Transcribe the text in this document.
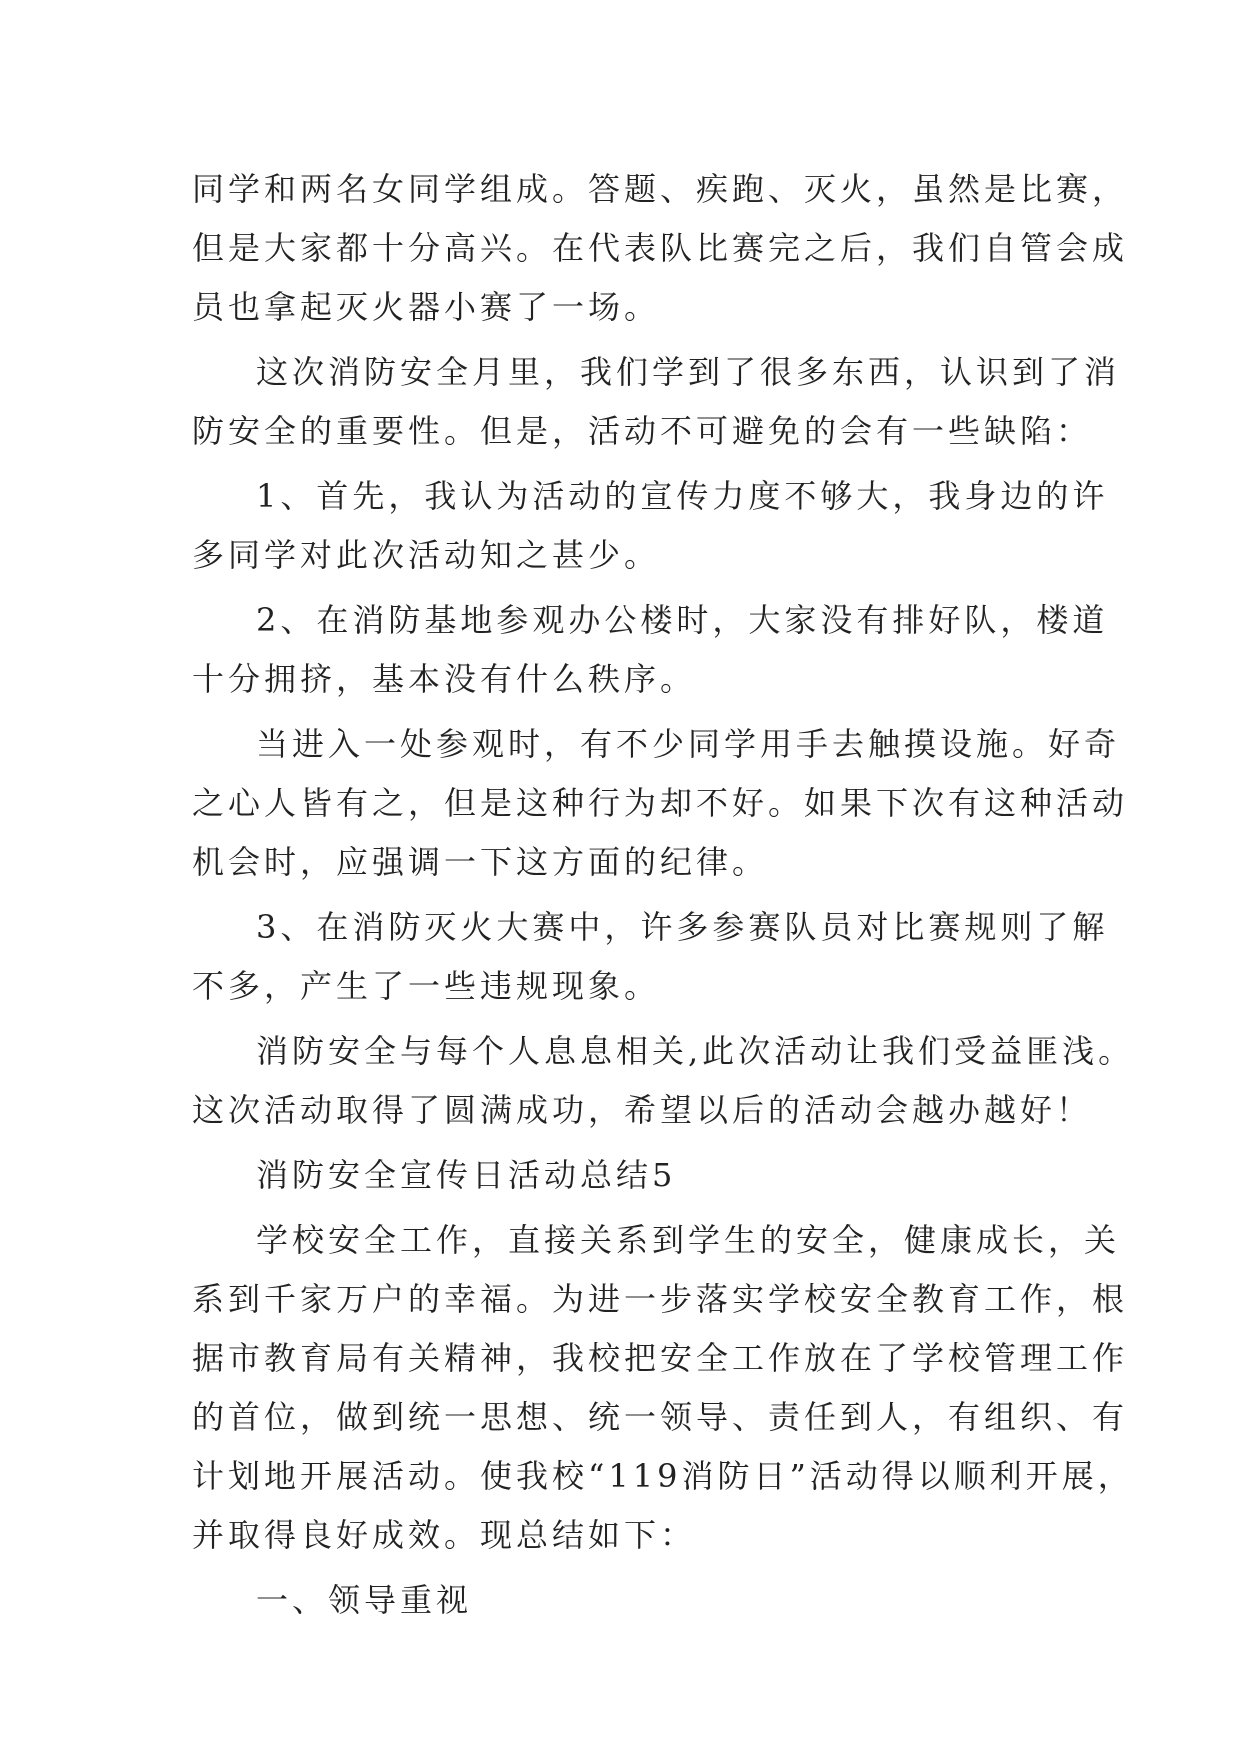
同学和两名女同学组成。答题、疾跑、灭火，虽然是比赛，
但是大家都十分高兴。在代表队比赛完之后，我们自管会成
员也拿起灭火器小赛了一场。
这次消防安全月里，我们学到了很多东西，认识到了消
防安全的重要性。但是，活动不可避免的会有一些缺陷：
1、首先，我认为活动的宣传力度不够大，我身边的许
多同学对此次活动知之甚少。
2、在消防基地参观办公楼时，大家没有排好队，楼道
十分拥挤，基本没有什么秩序。
当进入一处参观时，有不少同学用手去触摸设施。好奇
之心人皆有之，但是这种行为却不好。如果下次有这种活动
机会时，应强调一下这方面的纪律。
3、在消防灭火大赛中，许多参赛队员对比赛规则了解
不多，产生了一些违规现象。
消防安全与每个人息息相关,此次活动让我们受益匪浅。
这次活动取得了圆满成功，希望以后的活动会越办越好！
消防安全宣传日活动总结5
学校安全工作，直接关系到学生的安全，健康成长，关
系到千家万户的幸福。为进一步落实学校安全教育工作，根
据市教育局有关精神，我校把安全工作放在了学校管理工作
的首位，做到统一思想、统一领导、责任到人，有组织、有
计划地开展活动。使我校“119消防日”活动得以顺利开展，
并取得良好成效。现总结如下：
一、领导重视
